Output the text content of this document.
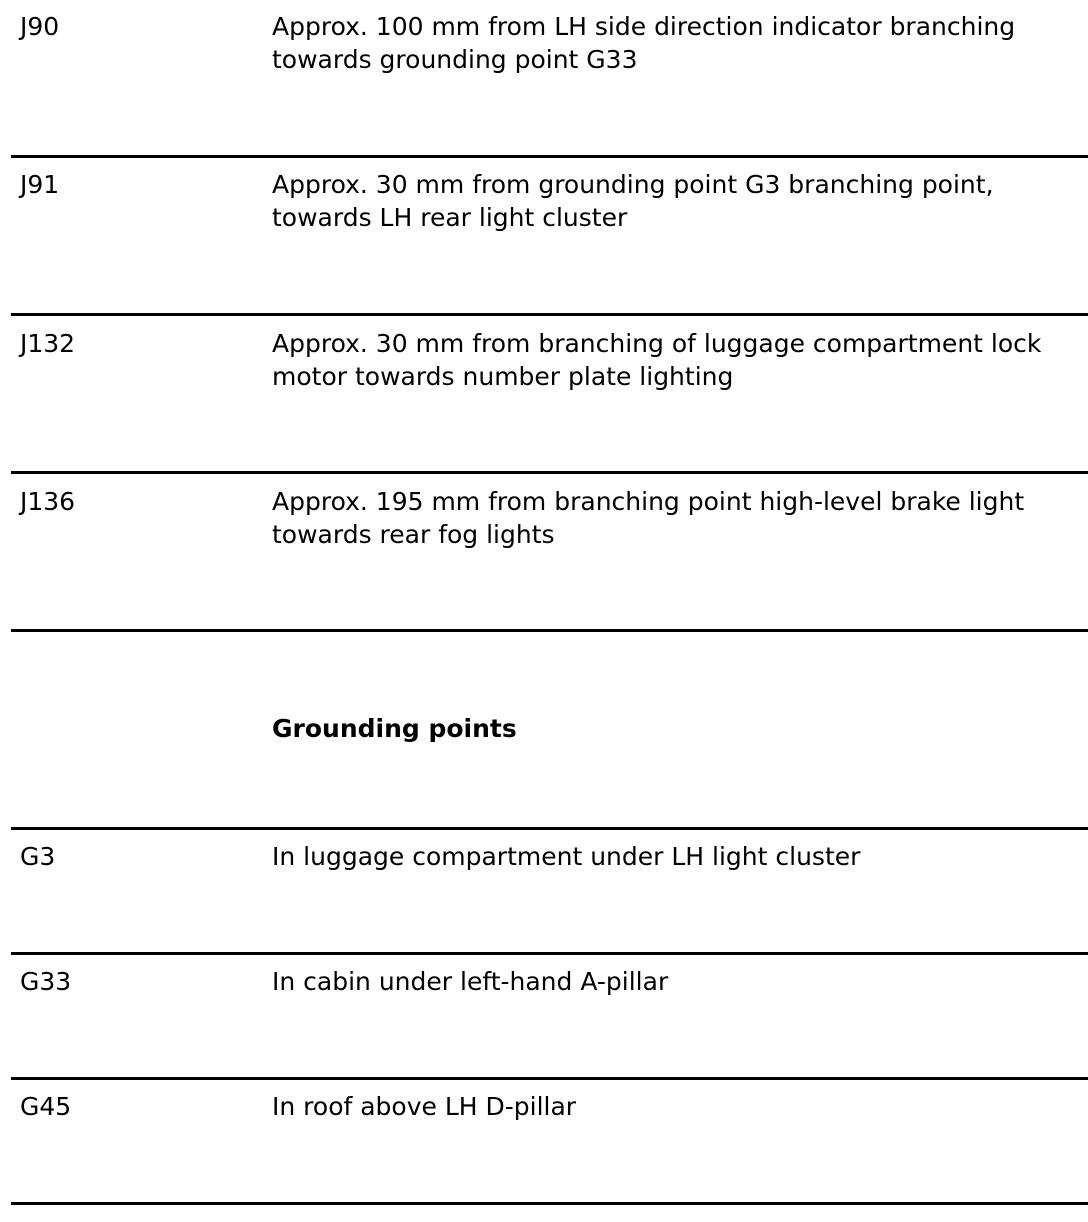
J90	Approx. 100 mm from LH side direction indicator branching towards grounding point G33

J91	Approx. 30 mm from grounding point G3 branching point, towards LH rear light cluster

J132	Approx. 30 mm from branching of luggage compartment lock motor towards number plate lighting

J136	Approx. 195 mm from branching point high-level brake light towards rear fog lights

Grounding points

G3	In luggage compartment under LH light cluster

G33	In cabin under left-hand A-pillar

G45	In roof above LH D-pillar
